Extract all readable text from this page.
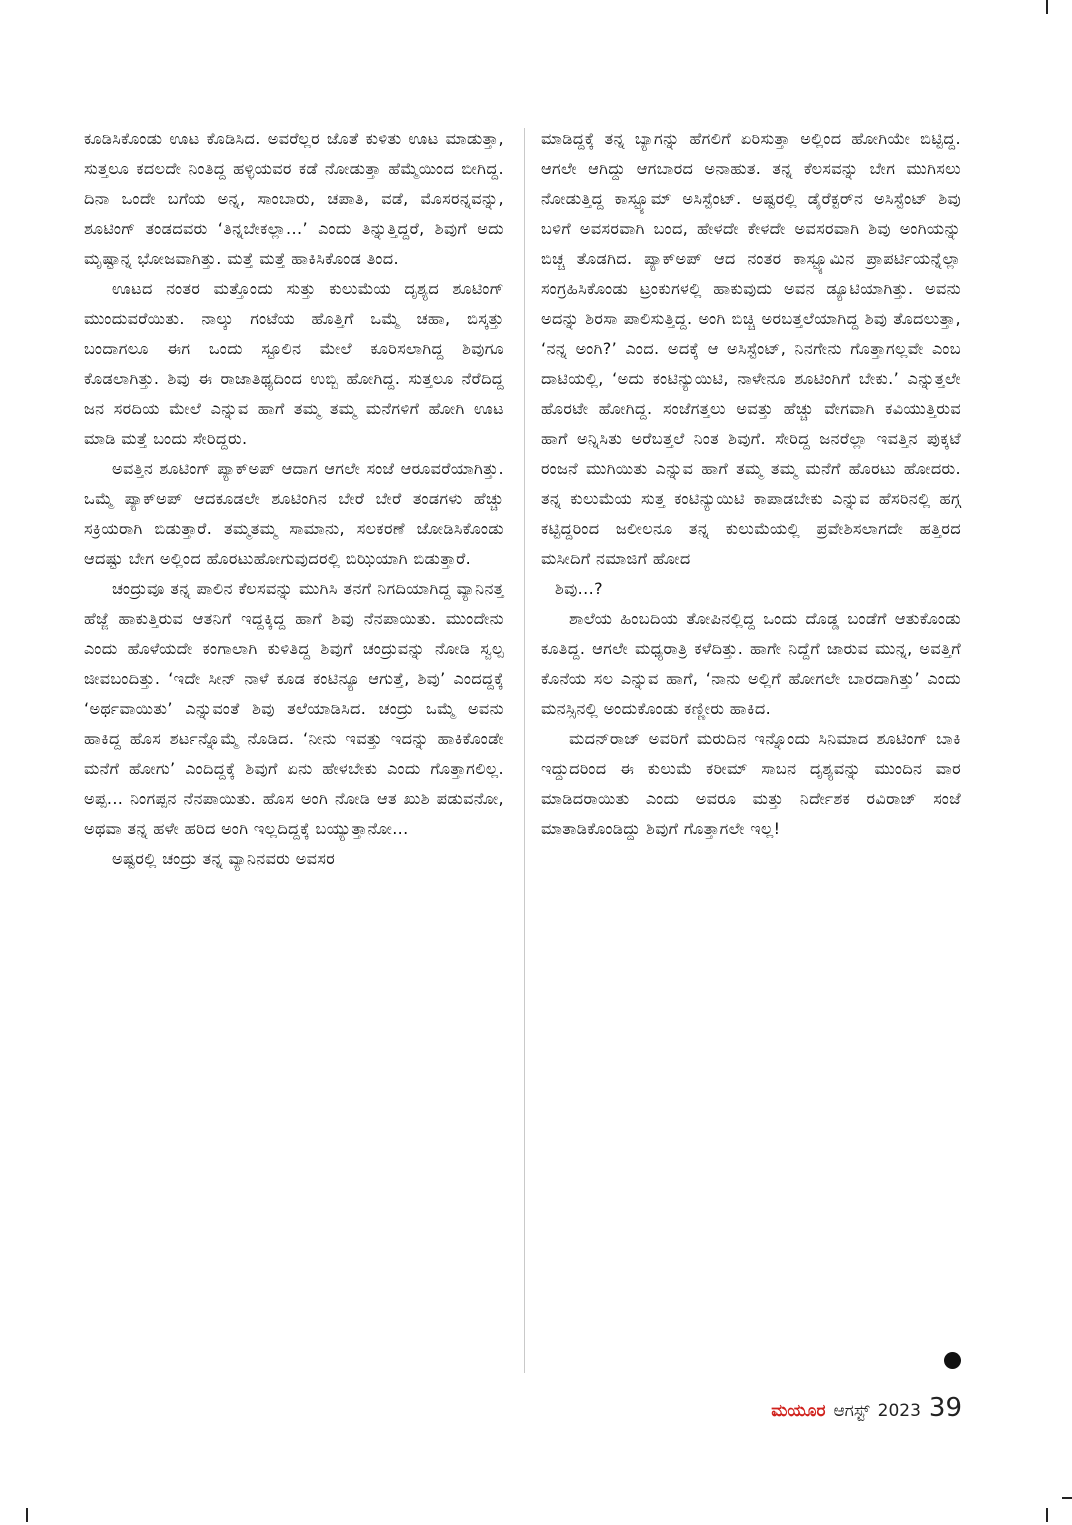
ಕೂಡಿಸಿಕೊಂಡು ಊಟ ಕೊಡಿಸಿದ. ಅವರೆಲ್ಲರ ಜೊತೆ ಕುಳಿತು ಊಟ ಮಾಡುತ್ತಾ, ಸುತ್ತಲೂ ಕದಲದೇ ನಿಂತಿದ್ದ ಹಳ್ಳಿಯವರ ಕಡೆ ನೋಡುತ್ತಾ ಹೆಮ್ಮೆಯಿಂದ ಬೀಗಿದ್ದ. ದಿನಾ ಒಂದೇ ಬಗೆಯ ಅನ್ನ, ಸಾಂಬಾರು, ಚಪಾತಿ, ವಡೆ, ಮೊಸರನ್ನವನ್ನು, ಶೂಟಿಂಗ್ ತಂಡದವರು ‘ತಿನ್ನಬೇಕಲ್ಲಾ...’ ಎಂದು ತಿನ್ನುತ್ತಿದ್ದರೆ, ಶಿವುಗೆ ಅದು ಮೃಷ್ಟಾನ್ನ ಭೋಜವಾಗಿತ್ತು. ಮತ್ತೆ ಮತ್ತೆ ಹಾಕಿಸಿಕೊಂಡ ತಿಂದ.

ಊಟದ ನಂತರ ಮತ್ತೊಂದು ಸುತ್ತು ಕುಲುಮೆಯ ದೃಶ್ಯದ ಶೂಟಿಂಗ್ ಮುಂದುವರೆಯಿತು. ನಾಲ್ಕು ಗಂಟೆಯ ಹೊತ್ತಿಗೆ ಒಮ್ಮೆ ಚಹಾ, ಬಿಸ್ಕತ್ತು ಬಂದಾಗಲೂ ಈಗ ಒಂದು ಸ್ಟೂಲಿನ ಮೇಲೆ ಕೂರಿಸಲಾಗಿದ್ದ ಶಿವುಗೂ ಕೊಡಲಾಗಿತ್ತು. ಶಿವು ಈ ರಾಜಾತಿಥ್ಯದಿಂದ ಉಬ್ಬಿ ಹೋಗಿದ್ದ. ಸುತ್ತಲೂ ನೆರೆದಿದ್ದ ಜನ ಸರದಿಯ ಮೇಲೆ ಎನ್ನುವ ಹಾಗೆ ತಮ್ಮ ತಮ್ಮ ಮನೆಗಳಿಗೆ ಹೋಗಿ ಊಟ ಮಾಡಿ ಮತ್ತೆ ಬಂದು ಸೇರಿದ್ದರು.

ಅವತ್ತಿನ ಶೂಟಿಂಗ್ ಪ್ಯಾಕ್‌ಅಪ್ ಆದಾಗ ಆಗಲೇ ಸಂಜೆ ಆರೂವರೆಯಾಗಿತ್ತು. ಒಮ್ಮೆ ಪ್ಯಾಕ್‌ಅಪ್ ಆದಕೂಡಲೇ ಶೂಟಿಂಗಿನ ಬೇರೆ ಬೇರೆ ತಂಡಗಳು ಹೆಚ್ಚು ಸಕ್ರಿಯರಾಗಿ ಬಿಡುತ್ತಾರೆ. ತಮ್ಮತಮ್ಮ ಸಾಮಾನು, ಸಲಕರಣೆ ಜೋಡಿಸಿಕೊಂಡು ಆದಷ್ಟು ಬೇಗ ಅಲ್ಲಿಂದ ಹೊರಟುಹೋಗುವುದರಲ್ಲಿ ಬಿಝಿಯಾಗಿ ಬಿಡುತ್ತಾರೆ.

ಚಂದ್ರುವೂ ತನ್ನ ಪಾಲಿನ ಕೆಲಸವನ್ನು ಮುಗಿಸಿ ತನಗೆ ನಿಗದಿಯಾಗಿದ್ದ ವ್ಯಾನಿನತ್ತ ಹೆಜ್ಜೆ ಹಾಕುತ್ತಿರುವ ಆತನಿಗೆ ಇದ್ದಕ್ಕಿದ್ದ ಹಾಗೆ ಶಿವು ನೆನಪಾಯಿತು. ಮುಂದೇನು ಎಂದು ಹೊಳೆಯದೇ ಕಂಗಾಲಾಗಿ ಕುಳಿತಿದ್ದ ಶಿವುಗೆ ಚಂದ್ರುವನ್ನು ನೋಡಿ ಸ್ವಲ್ಪ ಜೀವಬಂದಿತ್ತು. ‘ಇದೇ ಸೀನ್ ನಾಳೆ ಕೂಡ ಕಂಟಿನ್ಯೂ ಆಗುತ್ತೆ, ಶಿವು’ ಎಂದದ್ದಕ್ಕೆ ‘ಅರ್ಥವಾಯಿತು’ ಎನ್ನುವಂತೆ ಶಿವು ತಲೆಯಾಡಿಸಿದ. ಚಂದ್ರು ಒಮ್ಮೆ ಅವನು ಹಾಕಿದ್ದ ಹೊಸ ಶರ್ಟನ್ನೊಮ್ಮೆ ನೊಡಿದ. ‘ನೀನು ಇವತ್ತು ಇದನ್ನು ಹಾಕಿಕೊಂಡೇ ಮನೆಗೆ ಹೋಗು’ ಎಂದಿದ್ದಕ್ಕೆ ಶಿವುಗೆ ಏನು ಹೇಳಬೇಕು ಎಂದು ಗೊತ್ತಾಗಲಿಲ್ಲ. ಅಪ್ಪ... ನಿಂಗಪ್ಪನ ನೆನಪಾಯಿತು. ಹೊಸ ಅಂಗಿ ನೋಡಿ ಆತ ಖುಶಿ ಪಡುವನೋ, ಅಥವಾ ತನ್ನ ಹಳೇ ಹರಿದ ಅಂಗಿ ಇಲ್ಲದಿದ್ದಕ್ಕೆ ಬಯ್ಯುತ್ತಾನೋ...

ಅಷ್ಟರಲ್ಲಿ ಚಂದ್ರು ತನ್ನ ವ್ಯಾನಿನವರು ಅವಸರ

ಮಾಡಿದ್ದಕ್ಕೆ ತನ್ನ ಬ್ಯಾಗನ್ನು ಹೆಗಲಿಗೆ ಏರಿಸುತ್ತಾ ಅಲ್ಲಿಂದ ಹೋಗಿಯೇ ಬಿಟ್ಟಿದ್ದ. ಆಗಲೇ ಆಗಿದ್ದು ಆಗಬಾರದ ಅನಾಹುತ. ತನ್ನ ಕೆಲಸವನ್ನು ಬೇಗ ಮುಗಿಸಲು ನೋಡುತ್ತಿದ್ದ ಕಾಸ್ಟ್ಯೂಮ್ ಅಸಿಸ್ಟೆಂಟ್. ಅಷ್ಟರಲ್ಲಿ ಡೈರೆಕ್ಟರ್‌ನ ಅಸಿಸ್ಟೆಂಟ್ ಶಿವು ಬಳಿಗೆ ಅವಸರವಾಗಿ ಬಂದ, ಹೇಳದೇ ಕೇಳದೇ ಅವಸರವಾಗಿ ಶಿವು ಅಂಗಿಯನ್ನು ಬಿಚ್ಚ ತೊಡಗಿದ. ಪ್ಯಾಕ್‌ಅಪ್ ಆದ ನಂತರ ಕಾಸ್ಟ್ಯೂಮಿನ ಪ್ರಾಪರ್ಟಿಯನ್ನೆಲ್ಲಾ ಸಂಗ್ರಹಿಸಿಕೊಂಡು ಟ್ರಂಕುಗಳಲ್ಲಿ ಹಾಕುವುದು ಅವನ ಡ್ಯೂಟಿಯಾಗಿತ್ತು. ಅವನು ಅದನ್ನು ಶಿರಸಾ ಪಾಲಿಸುತ್ತಿದ್ದ. ಅಂಗಿ ಬಿಚ್ಚಿ ಅರಬತ್ತಲೆಯಾಗಿದ್ದ ಶಿವು ತೊದಲುತ್ತಾ, ‘ನನ್ನ ಅಂಗಿ?’ ಎಂದ. ಅದಕ್ಕೆ ಆ ಅಸಿಸ್ಟೆಂಟ್, ನಿನಗೇನು ಗೊತ್ತಾಗಲ್ಲವೇ ಎಂಬ ದಾಟಿಯಲ್ಲಿ, ‘ಅದು ಕಂಟಿನ್ಯುಯಿಟಿ, ನಾಳೇನೂ ಶೂಟಿಂಗಿಗೆ ಬೇಕು.’ ಎನ್ನುತ್ತಲೇ ಹೊರಟೇ ಹೋಗಿದ್ದ. ಸಂಜೆಗತ್ತಲು ಅವತ್ತು ಹೆಚ್ಚು ವೇಗವಾಗಿ ಕವಿಯುತ್ತಿರುವ ಹಾಗೆ ಅನ್ನಿಸಿತು ಅರೆಬತ್ತಲೆ ನಿಂತ ಶಿವುಗೆ. ಸೇರಿದ್ದ ಜನರೆಲ್ಲಾ ಇವತ್ತಿನ ಪುಕ್ಕಟೆ ರಂಜನೆ ಮುಗಿಯಿತು ಎನ್ನುವ ಹಾಗೆ ತಮ್ಮ ತಮ್ಮ ಮನೆಗೆ ಹೊರಟು ಹೋದರು. ತನ್ನ ಕುಲುಮೆಯ ಸುತ್ತ ಕಂಟಿನ್ಯುಯಿಟಿ ಕಾಪಾಡಬೇಕು ಎನ್ನುವ ಹೆಸರಿನಲ್ಲಿ ಹಗ್ಗ ಕಟ್ಟಿದ್ದರಿಂದ ಜಲೀಲನೂ ತನ್ನ ಕುಲುಮೆಯಲ್ಲಿ ಪ್ರವೇಶಿಸಲಾಗದೇ ಹತ್ತಿರದ ಮಸೀದಿಗೆ ನಮಾಜಿಗೆ ಹೋದ

ಶಿವು...?

ಶಾಲೆಯ ಹಿಂಬದಿಯ ತೋಪಿನಲ್ಲಿದ್ದ ಒಂದು ದೊಡ್ಡ ಬಂಡೆಗೆ ಆತುಕೊಂಡು ಕೂತಿದ್ದ. ಆಗಲೇ ಮಧ್ಯರಾತ್ರಿ ಕಳೆದಿತ್ತು. ಹಾಗೇ ನಿದ್ದೆಗೆ ಜಾರುವ ಮುನ್ನ, ಅವತ್ತಿಗೆ ಕೊನೆಯ ಸಲ ಎನ್ನುವ ಹಾಗೆ, ‘ನಾನು ಅಲ್ಲಿಗೆ ಹೋಗಲೇ ಬಾರದಾಗಿತ್ತು’ ಎಂದು ಮನಸ್ಸಿನಲ್ಲಿ ಅಂದುಕೊಂಡು ಕಣ್ಣೀರು ಹಾಕಿದ.

ಮದನ್‌ರಾಜ್ ಅವರಿಗೆ ಮರುದಿನ ಇನ್ನೊಂದು ಸಿನಿಮಾದ ಶೂಟಿಂಗ್ ಬಾಕಿ ಇದ್ದುದರಿಂದ ಈ ಕುಲುಮೆ ಕರೀಮ್ ಸಾಬನ ದೃಶ್ಯವನ್ನು ಮುಂದಿನ ವಾರ ಮಾಡಿದರಾಯಿತು ಎಂದು ಅವರೂ ಮತ್ತು ನಿರ್ದೇಶಕ ರವಿರಾಜ್ ಸಂಜೆ ಮಾತಾಡಿಕೊಂಡಿದ್ದು ಶಿವುಗೆ ಗೊತ್ತಾಗಲೇ ಇಲ್ಲ!

ಮಯೂರ ಆಗಸ್ಟ್ 2023 39
